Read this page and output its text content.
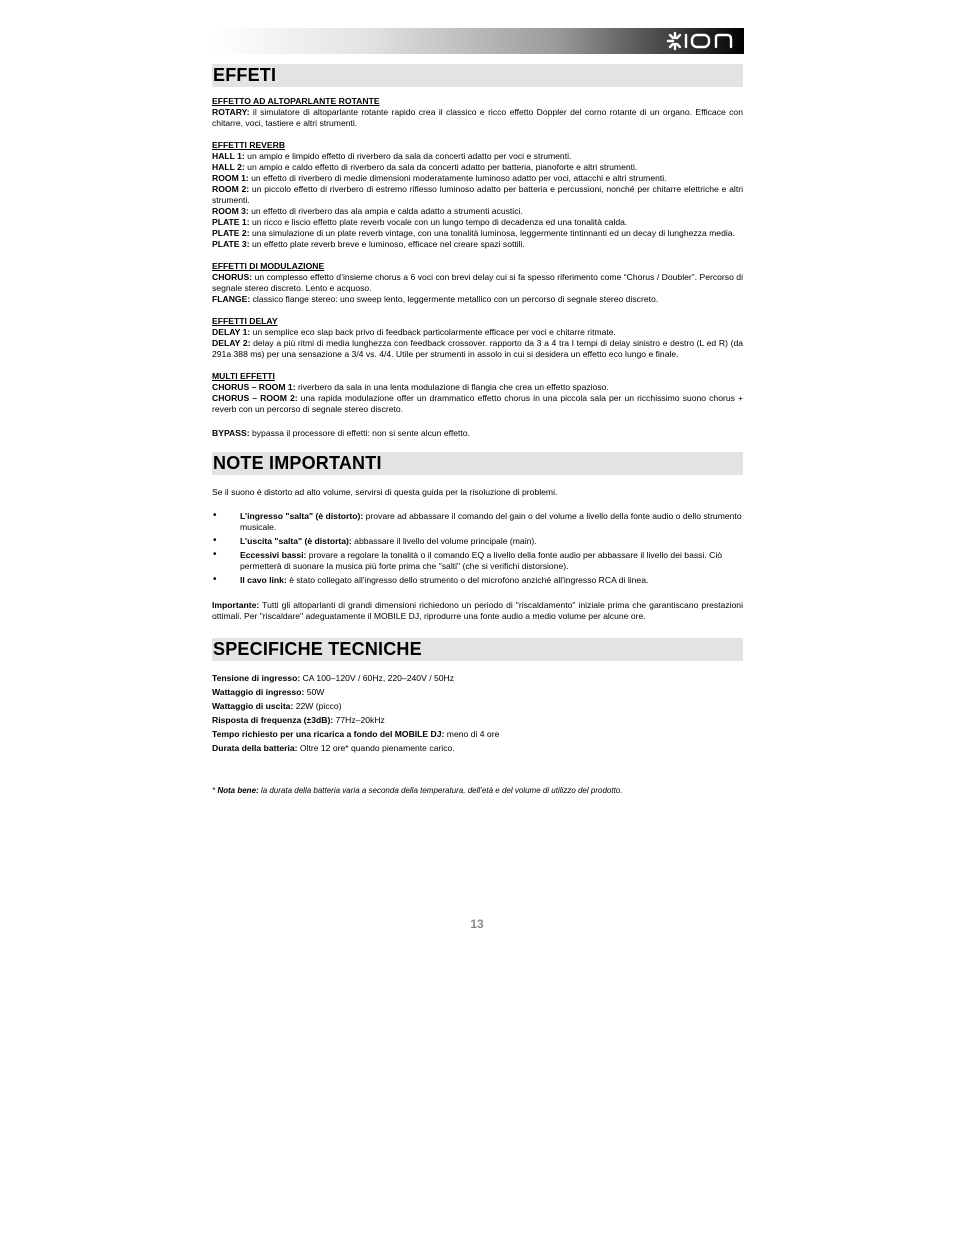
EFFETI
EFFETTO AD ALTOPARLANTE ROTANTE
ROTARY: il simulatore di altoparlante rotante rapido crea il classico e ricco effetto Doppler del corno rotante di un organo. Efficace con chitarre, voci, tastiere e altri strumenti.
EFFETTI REVERB
HALL 1: un ampio e limpido effetto di riverbero da sala da concerti adatto per voci e strumenti.
HALL 2: un ampio e caldo effetto di riverbero da sala da concerti adatto per batteria, pianoforte e altri strumenti.
ROOM 1: un effetto di riverbero di medie dimensioni moderatamente luminoso adatto per voci, attacchi e altri strumenti.
ROOM 2: un piccolo effetto di riverbero di estremo riflesso luminoso adatto per batteria e percussioni, nonché per chitarre elettriche e altri strumenti.
ROOM 3: un effetto di riverbero das ala ampia e calda adatto a strumenti acustici.
PLATE 1: un ricco e liscio effetto plate reverb vocale con un lungo tempo di decadenza ed una tonalità calda.
PLATE 2: una simulazione di un plate reverb vintage, con una tonalità luminosa, leggermente tintinnanti ed un decay di lunghezza media.
PLATE 3: un effetto plate reverb breve e luminoso, efficace nel creare spazi sottili.
EFFETTI DI MODULAZIONE
CHORUS: un complesso effetto d’insieme chorus a 6 voci con brevi delay cui si fa spesso riferimento come “Chorus / Doubler”. Percorso di segnale stereo discreto. Lento e acquoso.
FLANGE: classico flange stereo: uno sweep lento, leggermente metallico con un percorso di segnale stereo discreto.
EFFETTI DELAY
DELAY 1: un semplice eco slap back privo di feedback particolarmente efficace per voci e chitarre ritmate.
DELAY 2: delay a più ritmi di media lunghezza con feedback crossover. rapporto da 3 a 4 tra I tempi di delay sinistro e destro (L ed R) (da 291a 388 ms) per una sensazione a 3/4 vs. 4/4. Utile per strumenti in assolo in cui si desidera un effetto eco lungo e finale.
MULTI EFFETTI
CHORUS – ROOM 1: riverbero da sala in una lenta modulazione di flangia che crea un effetto spazioso.
CHORUS – ROOM 2: una rapida modulazione offer un drammatico effetto chorus in una piccola sala per un ricchissimo suono chorus + reverb con un percorso di segnale stereo discreto.
BYPASS: bypassa il processore di effetti: non si sente alcun effetto.
NOTE IMPORTANTI
Se il suono è distorto ad alto volume, servirsi di questa guida per la risoluzione di problemi.
•	L’ingresso "salta" (è distorto): provare ad abbassare il comando del gain o del volume a livello della fonte audio o dello strumento musicale.
•	L’uscita "salta" (è distorta): abbassare il livello del volume principale (main).
•	Eccessivi bassi: provare a regolare la tonalità o il comando EQ a livello della fonte audio per abbassare il livello dei bassi. Ciò permetterà di suonare la musica più forte prima che "salti" (che si verifichi distorsione).
•	Il cavo link: è stato collegato all'ingresso dello strumento o del microfono anziché all'ingresso RCA di linea.
Importante: Tutti gli altoparlanti di grandi dimensioni richiedono un periodo di "riscaldamento" iniziale prima che garantiscano prestazioni ottimali. Per "riscaldare" adeguatamente il MOBILE DJ, riprodurre una fonte audio a medio volume per alcune ore.
SPECIFICHE TECNICHE
Tensione di ingresso: CA 100–120V / 60Hz, 220–240V / 50Hz
Wattaggio di ingresso: 50W
Wattaggio di uscita: 22W (picco)
Risposta di frequenza (±3dB): 77Hz–20kHz
Tempo richiesto per una ricarica a fondo del MOBILE DJ: meno di 4 ore
Durata della batteria: Oltre 12 ore* quando pienamente carico.
* Nota bene: la durata della batteria varia a seconda della temperatura, dell’età e del volume di utilizzo del prodotto.
13
